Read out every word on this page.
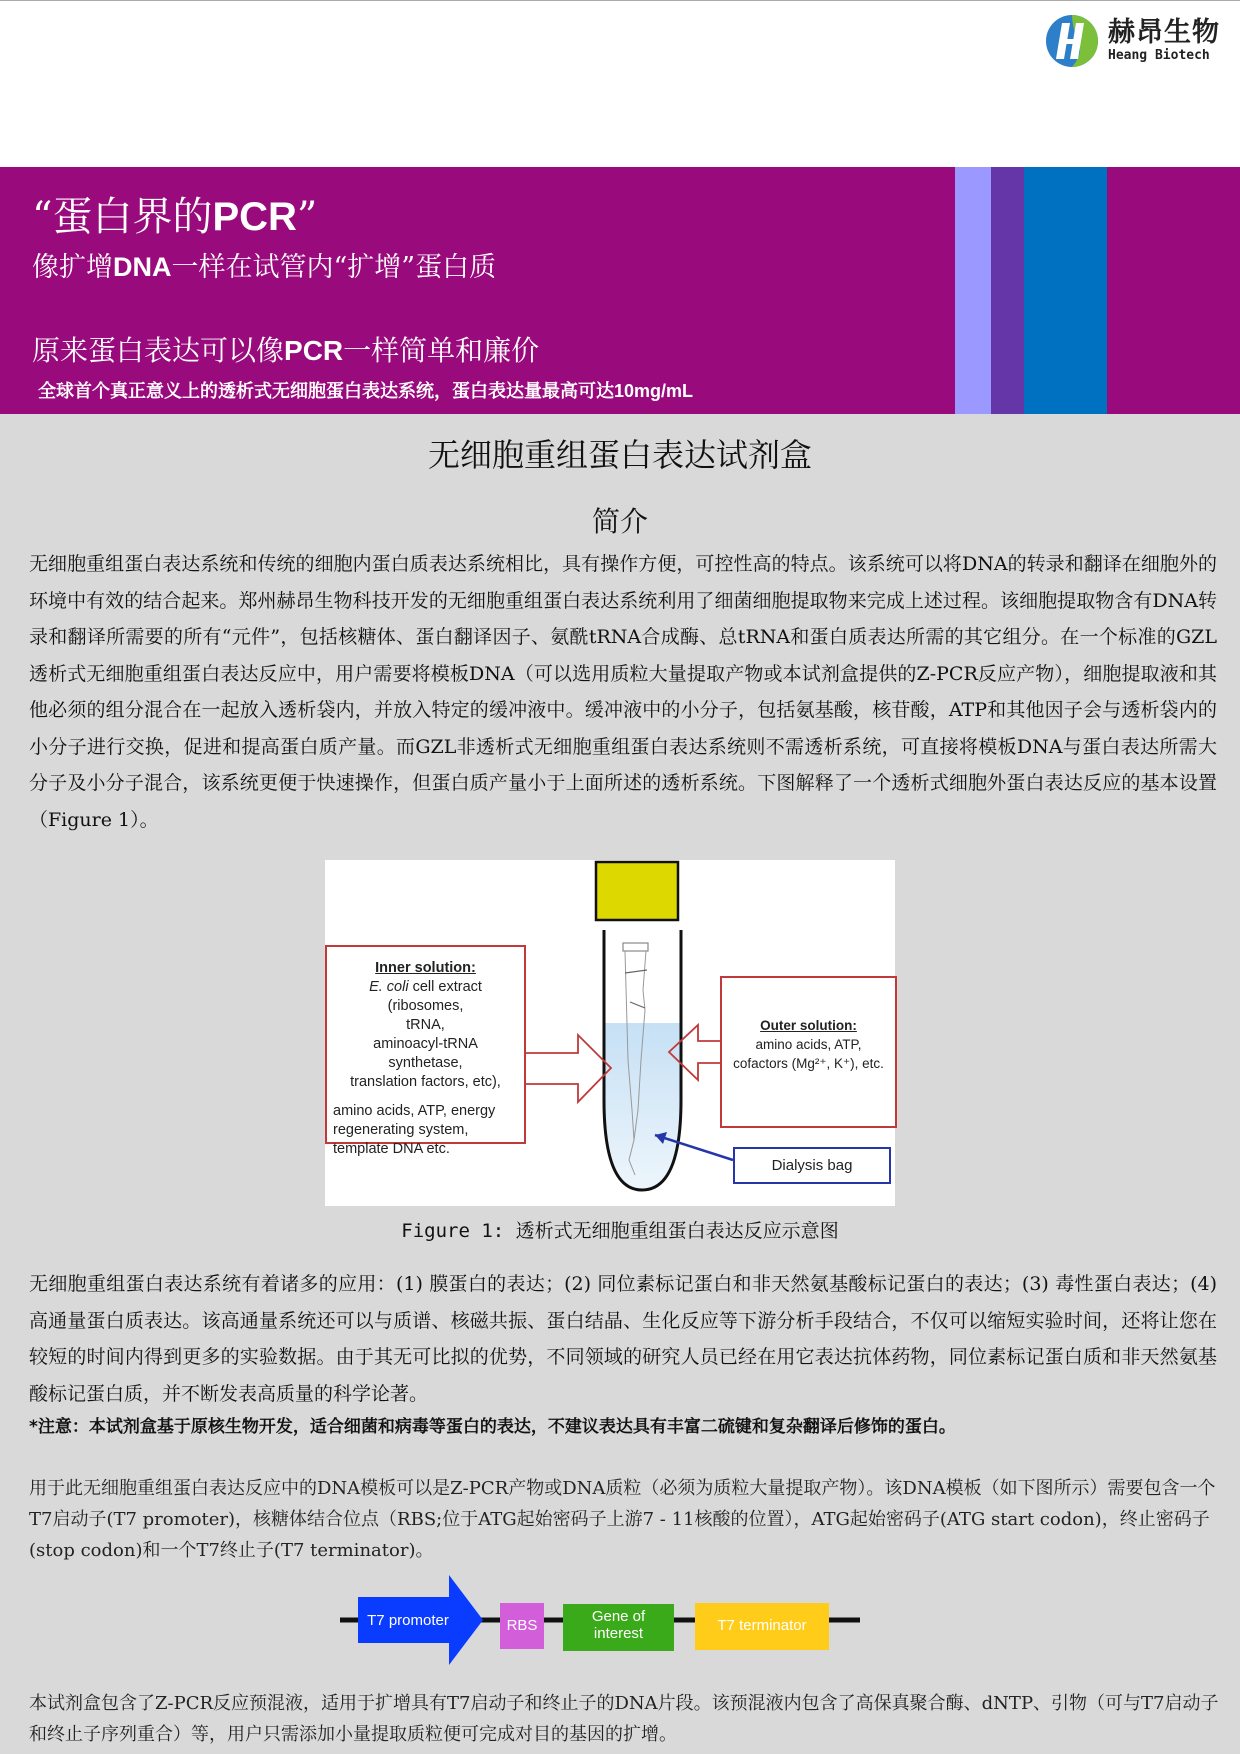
赫昂生物
Heang Biotech
“蛋白界的PCR”
像扩增DNA一样在试管内“扩增”蛋白质
原来蛋白表达可以像PCR一样简单和廉价
全球首个真正意义上的透析式无细胞蛋白表达系统，蛋白表达量最高可达10mg/mL
无细胞重组蛋白表达试剂盒
简介
无细胞重组蛋白表达系统和传统的细胞内蛋白质表达系统相比，具有操作方便，可控性高的特点。该系统可以将DNA的转录和翻译在细胞外的环境中有效的结合起来。郑州赫昂生物科技开发的无细胞重组蛋白表达系统利用了细菌细胞提取物来完成上述过程。该细胞提取物含有DNA转录和翻译所需要的所有“元件”，包括核糖体、蛋白翻译因子、氨酰tRNA合成酶、总tRNA和蛋白质表达所需的其它组分。在一个标准的GZL透析式无细胞重组蛋白表达反应中，用户需要将模板DNA（可以选用质粒大量提取产物或本试剂盒提供的Z-PCR反应产物），细胞提取液和其他必须的组分混合在一起放入透析袋内，并放入特定的缓冲液中。缓冲液中的小分子，包括氨基酸，核苷酸，ATP和其他因子会与透析袋内的小分子进行交换，促进和提高蛋白质产量。而GZL非透析式无细胞重组蛋白表达系统则不需透析系统，可直接将模板DNA与蛋白表达所需大分子及小分子混合，该系统更便于快速操作，但蛋白质产量小于上面所述的透析系统。下图解释了一个透析式细胞外蛋白表达反应的基本设置（Figure 1）。
Inner solution:
E. coli cell extract
(ribosomes,
tRNA,
aminoacyl-tRNA
synthetase,
translation factors, etc),
amino acids, ATP, energy
regenerating system,
template DNA etc.
Outer solution:
amino acids, ATP,
cofactors (Mg²⁺, K⁺), etc.
Dialysis bag
Figure 1: 透析式无细胞重组蛋白表达反应示意图
无细胞重组蛋白表达系统有着诸多的应用：(1) 膜蛋白的表达；(2) 同位素标记蛋白和非天然氨基酸标记蛋白的表达；(3) 毒性蛋白表达；(4) 高通量蛋白质表达。该高通量系统还可以与质谱、核磁共振、蛋白结晶、生化反应等下游分析手段结合，不仅可以缩短实验时间，还将让您在较短的时间内得到更多的实验数据。由于其无可比拟的优势，不同领域的研究人员已经在用它表达抗体药物，同位素标记蛋白质和非天然氨基酸标记蛋白质，并不断发表高质量的科学论著。
*注意：本试剂盒基于原核生物开发，适合细菌和病毒等蛋白的表达，不建议表达具有丰富二硫键和复杂翻译后修饰的蛋白。
用于此无细胞重组蛋白表达反应中的DNA模板可以是Z-PCR产物或DNA质粒（必须为质粒大量提取产物）。该DNA模板（如下图所示）需要包含一个T7启动子(T7 promoter)，核糖体结合位点（RBS;位于ATG起始密码子上游7 - 11核酸的位置），ATG起始密码子(ATG start codon)，终止密码子(stop codon)和一个T7终止子(T7 terminator)。
T7 promoter	RBS
Gene of
interest	T7 terminator
本试剂盒包含了Z-PCR反应预混液，适用于扩增具有T7启动子和终止子的DNA片段。该预混液内包含了高保真聚合酶、dNTP、引物（可与T7启动子和终止子序列重合）等，用户只需添加小量提取质粒便可完成对目的基因的扩增。
